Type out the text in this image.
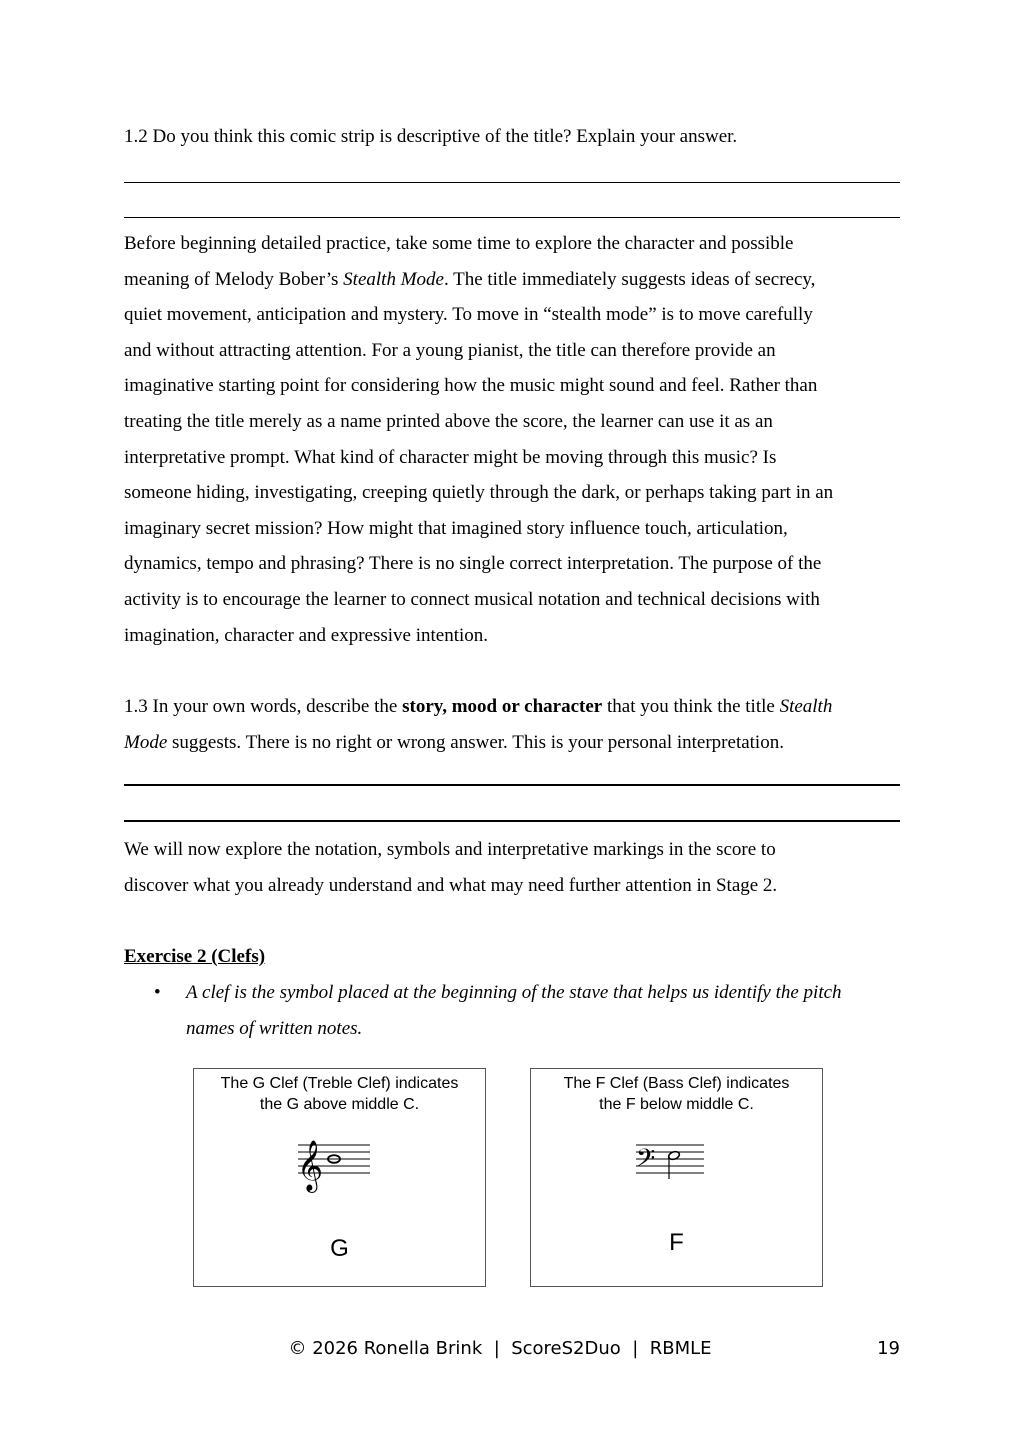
1.2 Do you think this comic strip is descriptive of the title? Explain your answer.
Before beginning detailed practice, take some time to explore the character and possible
meaning of Melody Bober’s Stealth Mode. The title immediately suggests ideas of secrecy,
quiet movement, anticipation and mystery. To move in “stealth mode” is to move carefully
and without attracting attention. For a young pianist, the title can therefore provide an
imaginative starting point for considering how the music might sound and feel. Rather than
treating the title merely as a name printed above the score, the learner can use it as an
interpretative prompt. What kind of character might be moving through this music? Is
someone hiding, investigating, creeping quietly through the dark, or perhaps taking part in an
imaginary secret mission? How might that imagined story influence touch, articulation,
dynamics, tempo and phrasing? There is no single correct interpretation. The purpose of the
activity is to encourage the learner to connect musical notation and technical decisions with
imagination, character and expressive intention.
1.3 In your own words, describe the story, mood or character that you think the title Stealth
Mode suggests. There is no right or wrong answer. This is your personal interpretation.
We will now explore the notation, symbols and interpretative markings in the score to
discover what you already understand and what may need further attention in Stage 2.
Exercise 2 (Clefs)
• A clef is the symbol placed at the beginning of the stave that helps us identify the pitch
names of written notes.
The G Clef (Treble Clef) indicates
the G above middle C.
𝄞
G
The F Clef (Bass Clef) indicates
the F below middle C.
𝄢
F
© 2026 Ronella Brink  |  ScoreS2Duo  |  RBMLE	19
